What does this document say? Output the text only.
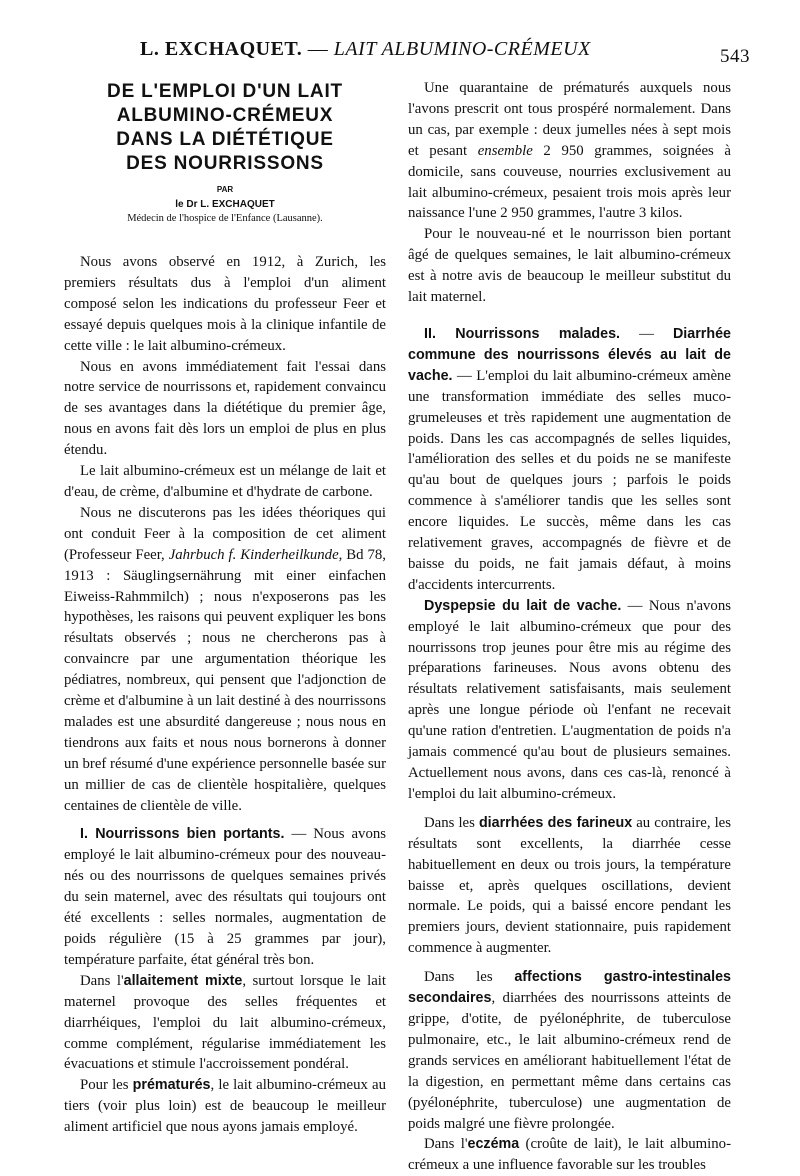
L. EXCHAQUET. — LAIT ALBUMINO-CRÉMEUX	543
DE L'EMPLOI D'UN LAIT
ALBUMINO-CRÉMEUX
DANS LA DIÉTÉTIQUE
DES NOURRISSONS
PAR
le Dr L. EXCHAQUET
Médecin de l'hospice de l'Enfance (Lausanne).

Nous avons observé en 1912, à Zurich, les premiers résultats dus à l'emploi d'un aliment composé selon les indications du professeur Feer et essayé depuis quelques mois à la clinique infantile de cette ville : le lait albumino-crémeux.

Nous en avons immédiatement fait l'essai dans notre service de nourrissons et, rapidement convaincu de ses avantages dans la diététique du premier âge, nous en avons fait dès lors un emploi de plus en plus étendu.

Le lait albumino-crémeux est un mélange de lait et d'eau, de crème, d'albumine et d'hydrate de carbone.

Nous ne discuterons pas les idées théoriques qui ont conduit Feer à la composition de cet aliment (Professeur Feer, Jahrbuch f. Kinderheilkunde, Bd 78, 1913 : Säuglingsernährung mit einer einfachen Eiweiss-Rahmmilch) ; nous n'exposerons pas les hypothèses, les raisons qui peuvent expliquer les bons résultats observés ; nous ne chercherons pas à convaincre par une argumentation théorique les pédiatres, nombreux, qui pensent que l'adjonction de crème et d'albumine à un lait destiné à des nourrissons malades est une absurdité dangereuse ; nous nous en tiendrons aux faits et nous nous bornerons à donner un bref résumé d'une expérience personnelle basée sur un millier de cas de clientèle hospitalière, quelques centaines de clientèle de ville.

I. Nourrissons bien portants. — Nous avons employé le lait albumino-crémeux pour des nouveau-nés ou des nourrissons de quelques semaines privés du sein maternel, avec des résultats qui toujours ont été excellents : selles normales, augmentation de poids régulière (15 à 25 grammes par jour), température parfaite, état général très bon.

Dans l'allaitement mixte, surtout lorsque le lait maternel provoque des selles fréquentes et diarrhéiques, l'emploi du lait albumino-crémeux, comme complément, régularise immédiatement les évacuations et stimule l'accroissement pondéral.

Pour les prématurés, le lait albumino-crémeux au tiers (voir plus loin) est de beaucoup le meilleur aliment artificiel que nous ayons jamais employé.

Une quarantaine de prématurés auxquels nous l'avons prescrit ont tous prospéré normalement. Dans un cas, par exemple : deux jumelles nées à sept mois et pesant ensemble 2 950 grammes, soignées à domicile, sans couveuse, nourries exclusivement au lait albumino-crémeux, pesaient trois mois après leur naissance l'une 2 950 grammes, l'autre 3 kilos.

Pour le nouveau-né et le nourrisson bien portant âgé de quelques semaines, le lait albumino-crémeux est à notre avis de beaucoup le meilleur substitut du lait maternel.

II. Nourrissons malades. — Diarrhée commune des nourrissons élevés au lait de vache. — L'emploi du lait albumino-crémeux amène une transformation immédiate des selles muco-grumeleuses et très rapidement une augmentation de poids. Dans les cas accompagnés de selles liquides, l'amélioration des selles et du poids ne se manifeste qu'au bout de quelques jours ; parfois le poids commence à s'améliorer tandis que les selles sont encore liquides. Le succès, même dans les cas relativement graves, accompagnés de fièvre et de baisse du poids, ne fait jamais défaut, à moins d'accidents intercurrents.

Dyspepsie du lait de vache. — Nous n'avons employé le lait albumino-crémeux que pour des nourrissons trop jeunes pour être mis au régime des préparations farineuses. Nous avons obtenu des résultats relativement satisfaisants, mais seulement après une longue période où l'enfant ne recevait qu'une ration d'entretien. L'augmentation de poids n'a jamais commencé qu'au bout de plusieurs semaines. Actuellement nous avons, dans ces cas-là, renoncé à l'emploi du lait albumino-crémeux.

Dans les diarrhées des farineux au contraire, les résultats sont excellents, la diarrhée cesse habituellement en deux ou trois jours, la température baisse et, après quelques oscillations, devient normale. Le poids, qui a baissé encore pendant les premiers jours, devient stationnaire, puis rapidement commence à augmenter.

Dans les affections gastro-intestinales secondaires, diarrhées des nourrissons atteints de grippe, d'otite, de pyélonéphrite, de tuberculose pulmonaire, etc., le lait albumino-crémeux rend de grands services en améliorant habituellement l'état de la digestion, en permettant même dans certains cas (pyélonéphrite, tuberculose) une augmentation de poids malgré une fièvre prolongée.

Dans l'eczéma (croûte de lait), le lait albumino-crémeux a une influence favorable sur les troubles
